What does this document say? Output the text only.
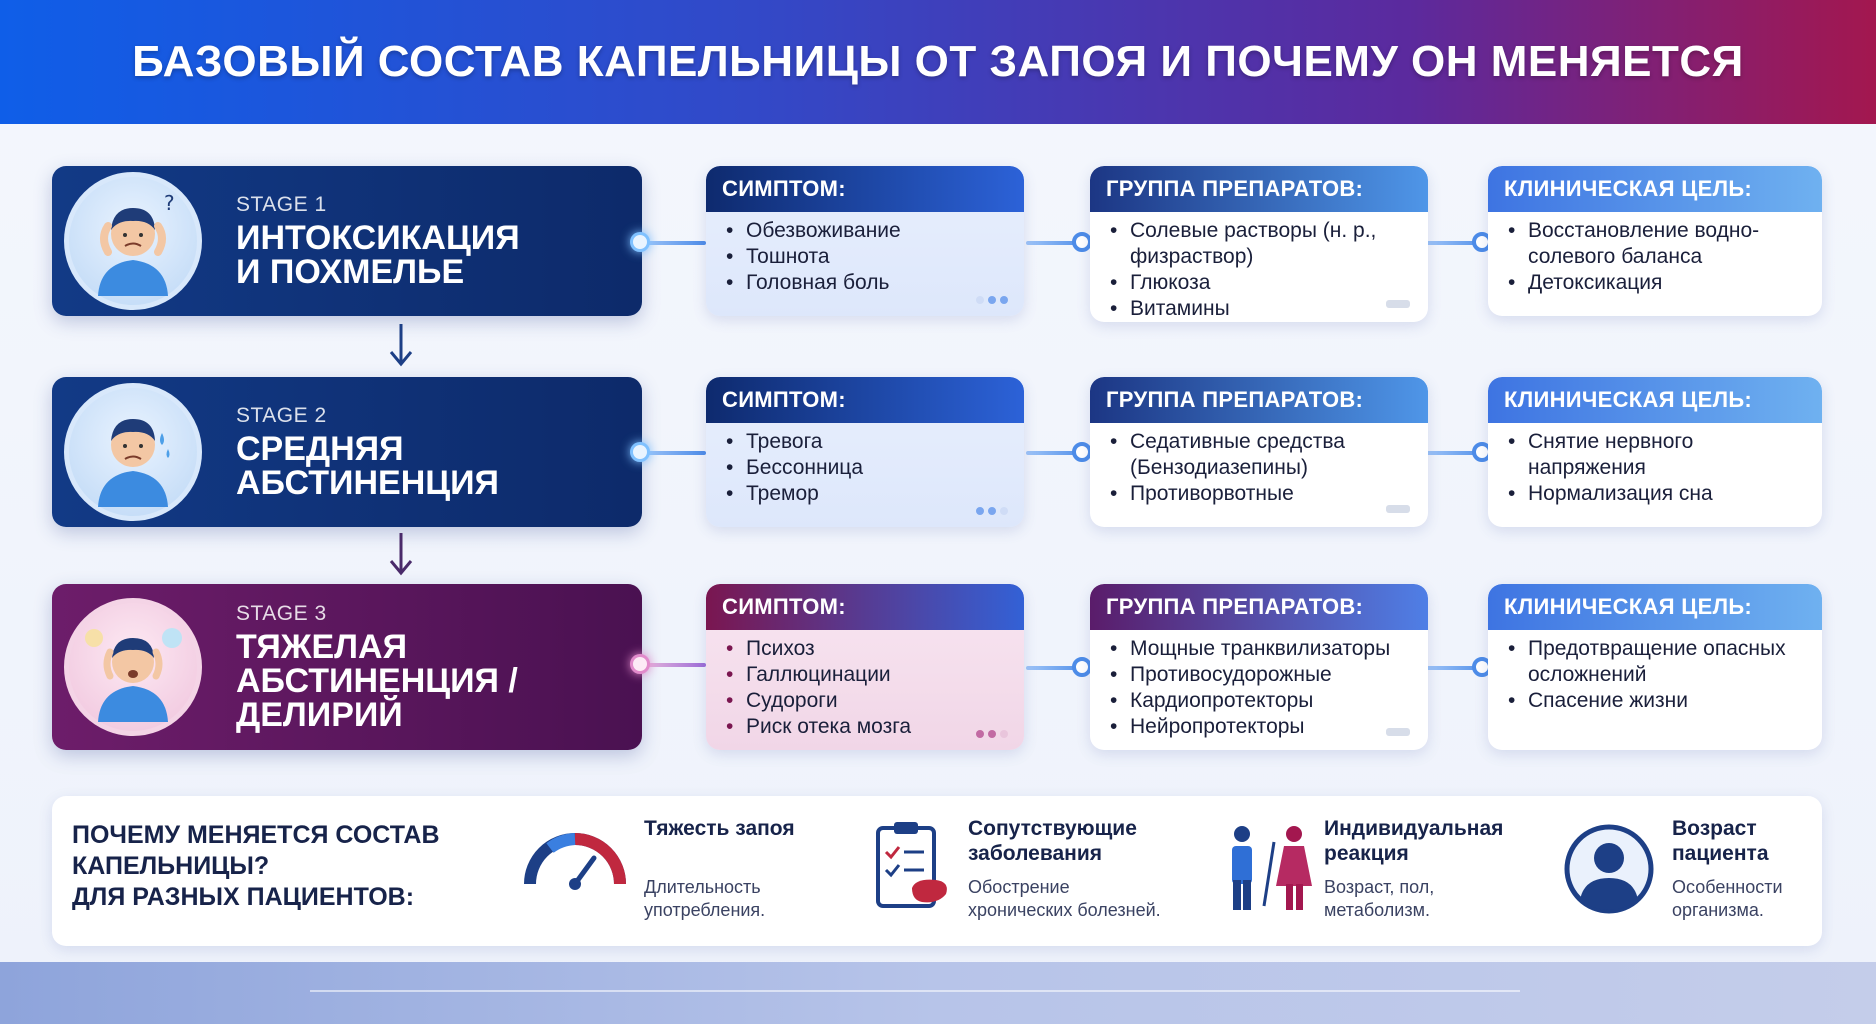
БАЗОВЫЙ СОСТАВ КАПЕЛЬНИЦЫ ОТ ЗАПОЯ И ПОЧЕМУ ОН МЕНЯЕТСЯ
?	STAGE 1
ИНТОКСИКАЦИЯ
И ПОХМЕЛЬЕ
STAGE 2
СРЕДНЯЯ
АБСТИНЕНЦИЯ
STAGE 3
ТЯЖЕЛАЯ
АБСТИНЕНЦИЯ /
ДЕЛИРИЙ
СИМПТОМ:
• Обезвоживание
• Тошнота
• Головная боль
ГРУППА ПРЕПАРАТОВ:
• Солевые растворы (н. р., физраствор)
• Глюкоза
• Витамины
КЛИНИЧЕСКАЯ ЦЕЛЬ:
• Восстановление водно-солевого баланса
• Детоксикация
СИМПТОМ:
• Тревога
• Бессонница
• Тремор
ГРУППА ПРЕПАРАТОВ:
• Седативные средства (Бензодиазепины)
• Противорвотные
КЛИНИЧЕСКАЯ ЦЕЛЬ:
• Снятие нервного напряжения
• Нормализация сна
СИМПТОМ:
• Психоз
• Галлюцинации
• Судороги
• Риск отека мозга
ГРУППА ПРЕПАРАТОВ:
• Мощные транквилизаторы
• Противосудорожные
• Кардиопротекторы
• Нейропротекторы
КЛИНИЧЕСКАЯ ЦЕЛЬ:
• Предотвращение опасных осложнений
• Спасение жизни
ПОЧЕМУ МЕНЯЕТСЯ СОСТАВ
КАПЕЛЬНИЦЫ?
ДЛЯ РАЗНЫХ ПАЦИЕНТОВ:
Тяжесть запоя
Длительность
употребления.
Сопутствующие
заболевания
Обострение
хронических болезней.
Индивидуальная
реакция
Возраст, пол,
метаболизм.
Возраст
пациента
Особенности
организма.
